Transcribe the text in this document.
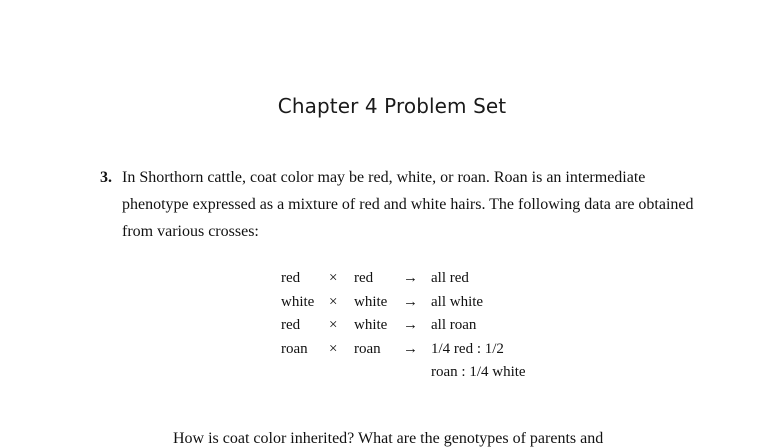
Chapter 4 Problem Set
3. In Shorthorn cattle, coat color may be red, white, or roan. Roan is an intermediate phenotype expressed as a mixture of red and white hairs. The following data are obtained from various crosses:
red × red → all red
white × white → all white
red × white → all roan
roan × roan → 1/4 red : 1/2
roan : 1/4 white
How is coat color inherited? What are the genotypes of parents and
